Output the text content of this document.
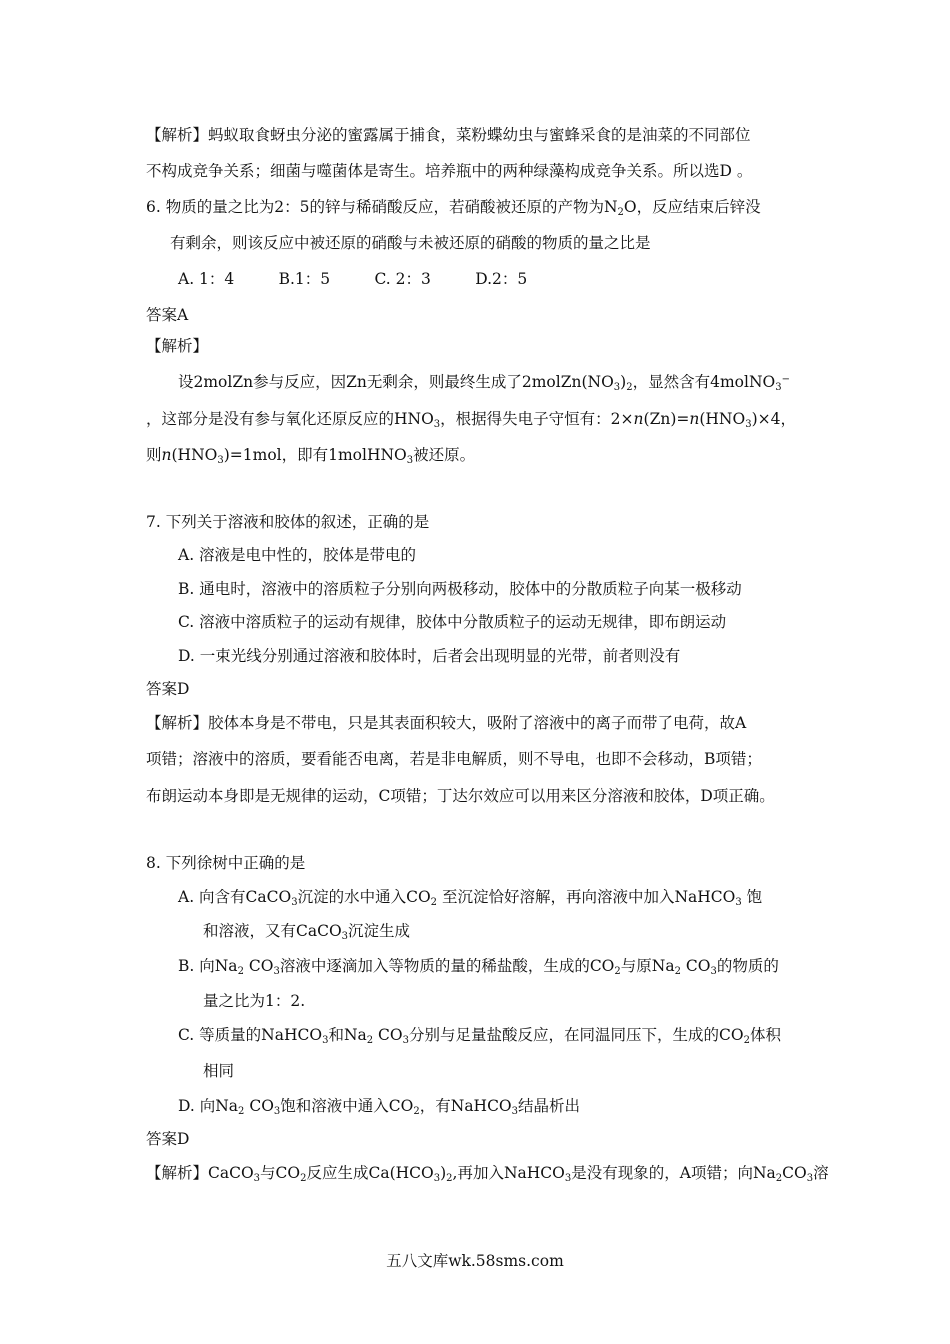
【解析】蚂蚁取食蚜虫分泌的蜜露属于捕食，菜粉蝶幼虫与蜜蜂采食的是油菜的不同部位
不构成竞争关系；细菌与噬菌体是寄生。培养瓶中的两种绿藻构成竞争关系。所以选D 。
6. 物质的量之比为2：5的锌与稀硝酸反应，若硝酸被还原的产物为$N_2O$，反应结束后锌没
有剩余，则该反应中被还原的硝酸与未被还原的硝酸的物质的量之比是
A. 1：4         B.1：5         C. 2：3         D.2：5
答案A
【解析】
设2molZn参与反应，因Zn无剩余，则最终生成了$2molZn(NO_3)_2$，显然含有4molNO$_3$−
，这部分是没有参与氧化还原反应的$HNO_3$，根据得失电子守恒有：$2\times n(Zn)=n(HNO_3)\times 4$，
则$n(HNO_3)=1mol$，即有1molHNO$_3$被还原。
7. 下列关于溶液和胶体的叙述，正确的是
A. 溶液是电中性的，胶体是带电的
B. 通电时，溶液中的溶质粒子分别向两极移动，胶体中的分散质粒子向某一极移动
C. 溶液中溶质粒子的运动有规律，胶体中分散质粒子的运动无规律，即布朗运动
D. 一束光线分别通过溶液和胶体时，后者会出现明显的光带，前者则没有
答案D
【解析】胶体本身是不带电，只是其表面积较大，吸附了溶液中的离子而带了电荷，故A
项错；溶液中的溶质，要看能否电离，若是非电解质，则不导电，也即不会移动，B项错；
布朗运动本身即是无规律的运动，C项错；丁达尔效应可以用来区分溶液和胶体，D项正确。
8. 下列徐树中正确的是
A. 向含有CaCO$_3$沉淀的水中通入$CO_2$ 至沉淀恰好溶解，再向溶液中加入NaHCO$_3$ 饱
和溶液，又有CaCO$_3$沉淀生成
B. 向$Na_2$ $CO_3$溶液中逐滴加入等物质的量的稀盐酸，生成的$CO_2$与原$Na_2$ $CO_3$的物质的
量之比为1：2.
C. 等质量的NaHCO$_3$和$Na_2$ $CO_3$分别与足量盐酸反应，在同温同压下，生成的$CO_2$体积
相同
D. 向$Na_2$ $CO_3$饱和溶液中通入$CO_2$，有NaHCO$_3$结晶析出
答案D
【解析】CaCO$_3$与$CO_2$反应生成$Ca(HCO_3)_2$,再加入NaHCO$_3$是没有现象的，A项错；向$Na_2CO_3$溶
五八文库wk.58sms.com
